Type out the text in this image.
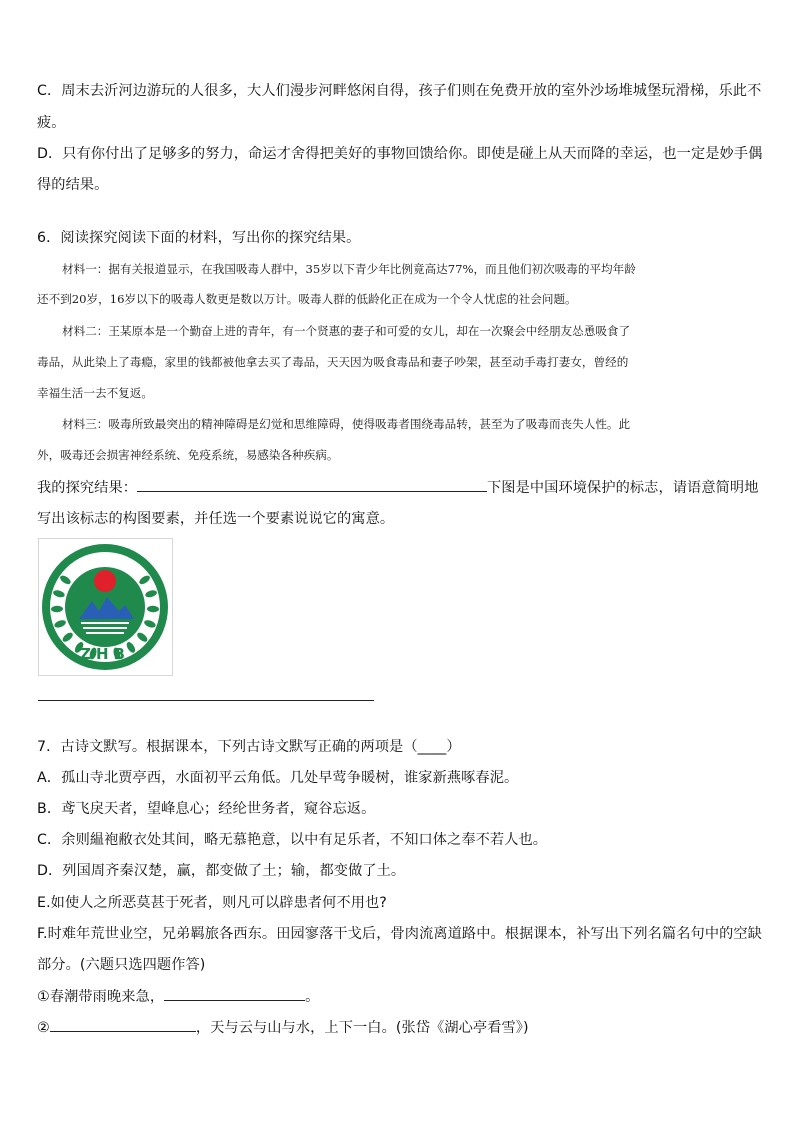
C．周末去沂河边游玩的人很多，大人们漫步河畔悠闲自得，孩子们则在免费开放的室外沙场堆城堡玩滑梯，乐此不
疲。
D．只有你付出了足够多的努力，命运才舍得把美好的事物回馈给你。即使是碰上从天而降的幸运，也一定是妙手偶
得的结果。
6．阅读探究阅读下面的材料，写出你的探究结果。
材料一：据有关报道显示，在我国吸毒人群中，35岁以下青少年比例竟高达77%，而且他们初次吸毒的平均年龄
还不到20岁，16岁以下的吸毒人数更是数以万计。吸毒人群的低龄化正在成为一个令人忧虑的社会问题。
材料二：王某原本是一个勤奋上进的青年，有一个贤惠的妻子和可爱的女儿，却在一次聚会中经朋友怂恿吸食了
毒品，从此染上了毒瘾，家里的钱都被他拿去买了毒品，天天因为吸食毒品和妻子吵架，甚至动手毒打妻女，曾经的
幸福生活一去不复返。
材料三：吸毒所致最突出的精神障碍是幻觉和思维障碍，使得吸毒者围绕毒品转，甚至为了吸毒而丧失人性。此
外，吸毒还会损害神经系统、免疫系统，易感染各种疾病。
我的探究结果：	下图是中国环境保护的标志，请语意简明地
写出该标志的构图要素，并任选一个要素说说它的寓意。
ZHB
7．古诗文默写。根据课本，下列古诗文默写正确的两项是（____）
A．孤山寺北贾亭西，水面初平云角低。几处早莺争暖树，谁家新燕啄春泥。
B．鸢飞戾天者，望峰息心；经纶世务者，窥谷忘返。
C．余则緼袍敝衣处其间，略无慕艳意，以中有足乐者，不知口体之奉不若人也。
D．列国周齐秦汉楚，赢，都变做了土；输，都变做了土。
E.如使人之所恶莫甚于死者，则凡可以辟患者何不用也?
F.时难年荒世业空，兄弟羁旅各西东。田园寥落干戈后，骨肉流离道路中。根据课本，补写出下列名篇名句中的空缺
部分。(六题只选四题作答)
①春潮带雨晚来急，	。
②	，天与云与山与水，上下一白。(张岱《湖心亭看雪》)
